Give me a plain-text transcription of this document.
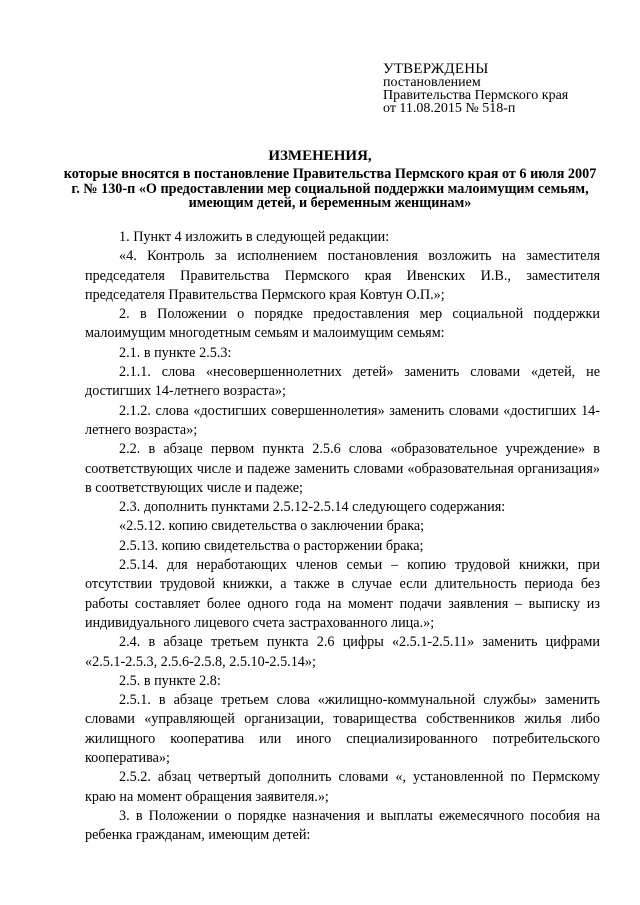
УТВЕРЖДЕНЫ
постановлением
Правительства Пермского края
от 11.08.2015 № 518-п
ИЗМЕНЕНИЯ,
которые вносятся в постановление Правительства Пермского края от 6 июля 2007 г. № 130-п «О предоставлении мер социальной поддержки малоимущим семьям, имеющим детей, и беременным женщинам»

1. Пункт 4 изложить в следующей редакции:

«4. Контроль за исполнением постановления возложить на заместителя председателя Правительства Пермского края Ивенских И.В., заместителя председателя Правительства Пермского края Ковтун О.П.»;

2. в Положении о порядке предоставления мер социальной поддержки малоимущим многодетным семьям и малоимущим семьям:

2.1. в пункте 2.5.3:

2.1.1. слова «несовершеннолетних детей» заменить словами «детей, не достигших 14-летнего возраста»;

2.1.2. слова «достигших совершеннолетия» заменить словами «достигших 14-летнего возраста»;

2.2. в абзаце первом пункта 2.5.6 слова «образовательное учреждение» в соответствующих числе и падеже заменить словами «образовательная организация» в соответствующих числе и падеже;

2.3. дополнить пунктами 2.5.12-2.5.14 следующего содержания:

«2.5.12. копию свидетельства о заключении брака;

2.5.13. копию свидетельства о расторжении брака;

2.5.14. для неработающих членов семьи – копию трудовой книжки, при отсутствии трудовой книжки, а также в случае если длительность периода без работы составляет более одного года на момент подачи заявления – выписку из индивидуального лицевого счета застрахованного лица.»;

2.4. в абзаце третьем пункта 2.6 цифры «2.5.1-2.5.11» заменить цифрами «2.5.1-2.5.3, 2.5.6-2.5.8, 2.5.10-2.5.14»;

2.5. в пункте 2.8:

2.5.1. в абзаце третьем слова «жилищно-коммунальной службы» заменить словами «управляющей организации, товарищества собственников жилья либо жилищного кооператива или иного специализированного потребительского кооператива»;

2.5.2. абзац четвертый дополнить словами «, установленной по Пермскому краю на момент обращения заявителя.»;

3. в Положении о порядке назначения и выплаты ежемесячного пособия на ребенка гражданам, имеющим детей:
